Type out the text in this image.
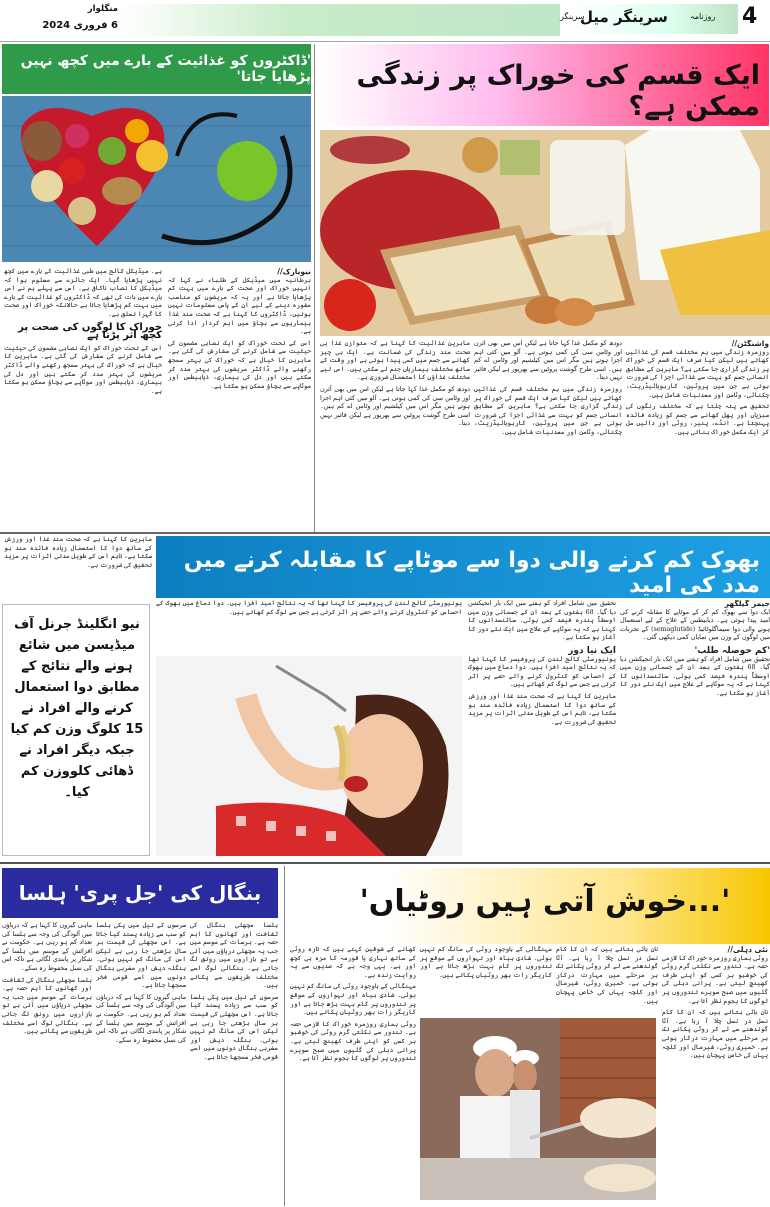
4
روزنامہ
سرینگر میل
سرینگر
منگلوار
6 فروری 2024
'ڈاکٹروں کو غذائیت کے بارے میں کچھ نہیں پڑھایا جاتا'
نیویارک//

برطانیہ میں میڈیکل کے طلباء نے کہا کہ انہیں خوراک اور صحت کے بارے میں بہت کم پڑھایا جاتا ہے اور یہ کہ مریضوں کو مناسب مشورہ دینے کے لیے ان کے پاس معلومات نہیں ہوتیں۔ ڈاکٹروں کا کہنا ہے کہ صحت مند غذا بیماریوں سے بچاؤ میں اہم کردار ادا کرتی ہے۔

اس کے تحت خوراک کو ایک نصابی مضمون کی حیثیت سے شامل کرنے کی سفارش کی گئی ہے۔ ماہرین کا خیال ہے کہ خوراک کی بہتر سمجھ رکھنے والے ڈاکٹر مریضوں کی بہتر مدد کر سکتے ہیں اور دل کی بیماری، ذیابیطس اور موٹاپے سے بچاؤ ممکن ہو سکتا ہے۔

ہے۔ میڈیکل کالج میں طبی غذائیت کے بارے میں کچھ نہیں پڑھایا گیا۔ ایک جائزے سے معلوم ہوا کہ میڈیکل کا نصاب ناکافی ہے۔ اس سے پہلے ہم نے اس بارے میں بات کی تھی کہ ڈاکٹروں کو غذائیت کے بارے میں بہت کم پڑھایا جاتا ہے حالانکہ خوراک اور صحت کا گہرا تعلق ہے۔

خوراک کا لوگوں کی صحت پر کچھ اثر پڑتا ہے

اس کے تحت خوراک کو ایک نصابی مضمون کی حیثیت سے شامل کرنے کی سفارش کی گئی ہے۔ ماہرین کا خیال ہے کہ خوراک کی بہتر سمجھ رکھنے والے ڈاکٹر مریضوں کی بہتر مدد کر سکتے ہیں اور دل کی بیماری، ذیابیطس اور موٹاپے سے بچاؤ ممکن ہو سکتا ہے۔

ایک قسم کی خوراک پر زندگی ممکن ہے؟
واشنگٹن//

روزمرہ زندگی میں ہم مختلف قسم کی غذائیں کھاتے ہیں لیکن کیا صرف ایک قسم کی خوراک پر زندگی گزاری جا سکتی ہے؟ ماہرین کے مطابق انسانی جسم کو بہت سے غذائی اجزا کی ضرورت ہوتی ہے جن میں پروٹین، کاربوہائیڈریٹ، چکنائی، وٹامن اور معدنیات شامل ہیں۔

تحقیق سے پتہ چلتا ہے کہ مختلف رنگوں کی سبزیاں اور پھل کھانے سے جسم کو زیادہ فائدہ پہنچتا ہے۔ انڈے، پنیر، روٹی اور دالیں مل کر ایک مکمل خوراک بناتی ہیں۔

دودھ کو مکمل غذا کہا جاتا ہے لیکن اس میں بھی آئرن اور وٹامن سی کی کمی ہوتی ہے۔ آلو میں کئی اہم اجزا ہوتے ہیں مگر اس میں کیلشیم اور وٹامن اے کم ہیں۔ اسی طرح گوشت پروٹین سے بھرپور ہے لیکن فائبر نہیں دیتا۔

روزمرہ زندگی میں ہم مختلف قسم کی غذائیں کھاتے ہیں لیکن کیا صرف ایک قسم کی خوراک پر زندگی گزاری جا سکتی ہے؟ ماہرین کے مطابق انسانی جسم کو بہت سے غذائی اجزا کی ضرورت ہوتی ہے جن میں پروٹین، کاربوہائیڈریٹ، چکنائی، وٹامن اور معدنیات شامل ہیں۔

ماہرین غذائیت کا کہنا ہے کہ متوازن غذا ہی صحت مند زندگی کی ضمانت ہے۔ ایک ہی چیز کھانے سے جسم میں کمی پیدا ہوتی ہے اور وقت کے ساتھ مختلف بیماریاں جنم لے سکتی ہیں۔ اس لیے مختلف غذاؤں کا استعمال ضروری ہے۔

دودھ کو مکمل غذا کہا جاتا ہے لیکن اس میں بھی آئرن اور وٹامن سی کی کمی ہوتی ہے۔ آلو میں کئی اہم اجزا ہوتے ہیں مگر اس میں کیلشیم اور وٹامن اے کم ہیں۔ اسی طرح گوشت پروٹین سے بھرپور ہے لیکن فائبر نہیں دیتا۔

ماہرین کا کہنا ہے کہ صحت مند غذا اور ورزش کے ساتھ دوا کا استعمال زیادہ فائدہ مند ہو سکتا ہے، تاہم اس کے طویل مدتی اثرات پر مزید تحقیق کی ضرورت ہے۔	بھوک کم کرنے والی دوا سے موٹاپے کا مقابلہ کرنے میں مدد کی امید
نیو انگلینڈ جرنل آف میڈیسن میں شائع ہونے والے نتائج کے مطابق دوا استعمال کرنے والے افراد نے 15 کلوگ وزن کم کیا جبکہ دیگر افراد نے ڈھائی کلووزن کم کیا۔

یونیورسٹی کالج لندن کی پروفیسر کا کہنا تھا کہ یہ نتائج امید افزا ہیں۔ دوا دماغ میں بھوک کے احساس کو کنٹرول کرنے والے حصے پر اثر کرتی ہے جس سے لوگ کم کھاتے ہیں۔

جیمز گیلگھر

ایک دوا سے بھوک کم کر کے موٹاپے کا مقابلہ کرنے کی امید پیدا ہوئی ہے۔ ذیابیطس کے علاج کے لیے استعمال ہونے والی دوا سیماگلوٹائیڈ (semaglutide) کے تجربات میں لوگوں کے وزن میں نمایاں کمی دیکھی گئی۔

'کم حوصلہ طلب'

تحقیق میں شامل افراد کو ہفتے میں ایک بار انجیکشن دیا گیا۔ 68 ہفتوں کے بعد ان کے جسمانی وزن میں اوسطاً پندرہ فیصد کمی ہوئی۔ سائنسدانوں کا کہنا ہے کہ یہ موٹاپے کے علاج میں ایک نئے دور کا آغاز ہو سکتا ہے۔

تحقیق میں شامل افراد کو ہفتے میں ایک بار انجیکشن دیا گیا۔ 68 ہفتوں کے بعد ان کے جسمانی وزن میں اوسطاً پندرہ فیصد کمی ہوئی۔ سائنسدانوں کا کہنا ہے کہ یہ موٹاپے کے علاج میں ایک نئے دور کا آغاز ہو سکتا ہے۔

ایک نیا دور

یونیورسٹی کالج لندن کی پروفیسر کا کہنا تھا کہ یہ نتائج امید افزا ہیں۔ دوا دماغ میں بھوک کے احساس کو کنٹرول کرنے والے حصے پر اثر کرتی ہے جس سے لوگ کم کھاتے ہیں۔

ماہرین کا کہنا ہے کہ صحت مند غذا اور ورزش کے ساتھ دوا کا استعمال زیادہ فائدہ مند ہو سکتا ہے، تاہم اس کے طویل مدتی اثرات پر مزید تحقیق کی ضرورت ہے۔

بنگال کی 'جل پری' ہلسا

ہلسا مچھلی بنگال کی ثقافت اور کھانوں کا اہم حصہ ہے۔ برسات کے موسم میں جب یہ مچھلی دریاؤں میں آتی ہے تو بازاروں میں رونق لگ جاتی ہے۔ بنگالی لوگ اسے مختلف طریقوں سے پکاتے ہیں۔

سرسوں کے تیل میں پکی ہلسا کو سب سے زیادہ پسند کیا جاتا ہے۔ اس مچھلی کی قیمت ہر سال بڑھتی جا رہی ہے لیکن اس کی مانگ کم نہیں ہوتی۔ بنگلہ دیش اور مغربی بنگال دونوں میں اسے قومی فخر سمجھا جاتا ہے۔

سرسوں کے تیل میں پکی ہلسا کو سب سے زیادہ پسند کیا جاتا ہے۔ اس مچھلی کی قیمت ہر سال بڑھتی جا رہی ہے لیکن اس کی مانگ کم نہیں ہوتی۔ بنگلہ دیش اور مغربی بنگال دونوں میں اسے قومی فخر سمجھا جاتا ہے۔

ماہی گیروں کا کہنا ہے کہ دریاؤں میں آلودگی کی وجہ سے ہلسا کی تعداد کم ہو رہی ہے۔ حکومت نے افزائش کے موسم میں ہلسا کے شکار پر پابندی لگائی ہے تاکہ اس کی نسل محفوظ رہ سکے۔

ماہی گیروں کا کہنا ہے کہ دریاؤں میں آلودگی کی وجہ سے ہلسا کی تعداد کم ہو رہی ہے۔ حکومت نے افزائش کے موسم میں ہلسا کے شکار پر پابندی لگائی ہے تاکہ اس کی نسل محفوظ رہ سکے۔

ہلسا مچھلی بنگال کی ثقافت اور کھانوں کا اہم حصہ ہے۔ برسات کے موسم میں جب یہ مچھلی دریاؤں میں آتی ہے تو بازاروں میں رونق لگ جاتی ہے۔ بنگالی لوگ اسے مختلف طریقوں سے پکاتے ہیں۔

'...خوش آتی ہیں روٹیاں'
نئی دہلی//

روٹی ہماری روزمرہ خوراک کا لازمی حصہ ہے۔ تندور سے نکلتی گرم روٹی کی خوشبو ہر کسی کو اپنی طرف کھینچ لیتی ہے۔ پرانی دہلی کی گلیوں میں صبح سویرے تندوروں پر لوگوں کا ہجوم نظر آتا ہے۔

نان بائی بتاتے ہیں کہ ان کا کام نسل در نسل چلا آ رہا ہے۔ آٹا گوندھنے سے لے کر روٹی پکانے تک ہر مرحلے میں مہارت درکار ہوتی ہے۔ خمیری روٹی، شیرمال اور کلچہ یہاں کی خاص پہچان ہیں۔

نان بائی بتاتے ہیں کہ ان کا کام نسل در نسل چلا آ رہا ہے۔ آٹا گوندھنے سے لے کر روٹی پکانے تک ہر مرحلے میں مہارت درکار ہوتی ہے۔ خمیری روٹی، شیرمال اور کلچہ یہاں کی خاص پہچان ہیں۔

مہنگائی کے باوجود روٹی کی مانگ کم نہیں ہوئی۔ شادی بیاہ اور تہواروں کے موقع پر تندوروں پر کام بہت بڑھ جاتا ہے اور کاریگر رات بھر روٹیاں پکاتے ہیں۔

کھانے کے شوقین کہتے ہیں کہ تازہ روٹی کے ساتھ نہاری یا قورمہ کا مزہ ہی کچھ اور ہے۔ یہی وجہ ہے کہ صدیوں سے یہ روایت زندہ ہے۔

مہنگائی کے باوجود روٹی کی مانگ کم نہیں ہوئی۔ شادی بیاہ اور تہواروں کے موقع پر تندوروں پر کام بہت بڑھ جاتا ہے اور کاریگر رات بھر روٹیاں پکاتے ہیں۔

روٹی ہماری روزمرہ خوراک کا لازمی حصہ ہے۔ تندور سے نکلتی گرم روٹی کی خوشبو ہر کسی کو اپنی طرف کھینچ لیتی ہے۔ پرانی دہلی کی گلیوں میں صبح سویرے تندوروں پر لوگوں کا ہجوم نظر آتا ہے۔
